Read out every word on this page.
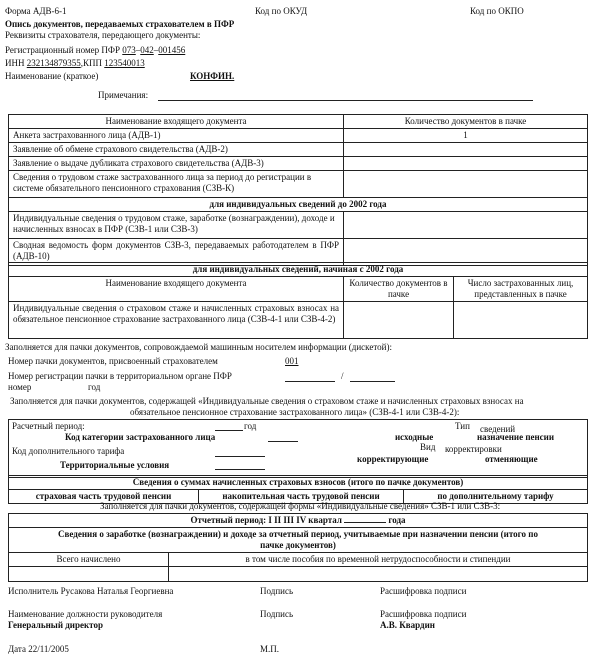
Форма АДВ-6-1	Код по ОКУД	Код по ОКПО
Опись документов, передаваемых страхователем в ПФР
Реквизиты страхователя, передающего документы:
Регистрационный номер ПФР 073–042–001456
ИНН 232134879355,КПП 123540013
Наименование (краткое)	КОНФИН.
Примечания:
Наименование входящего документа	Количество документов в пачке
Анкета застрахованного лица (АДВ-1)	1
Заявление об обмене страхового свидетельства (АДВ-2)	
Заявление о выдаче дубликата страхового свидетельства (АДВ-3)	
Сведения о трудовом стаже застрахованного лица за период до регистрации в системе обязательного пенсионного страхования (СЗВ-К)	
для индивидуальных сведений до 2002 года	
Индивидуальные сведения о трудовом стаже, заработке (вознаграждении), доходе и начисленных взносах в ПФР (СЗВ-1 или СЗВ-3)	
Сводная ведомость форм документов СЗВ-3, передаваемых работодателем в ПФР (АДВ-10)	
для индивидуальных сведений, начиная с 2002 года		
Наименование входящего документа	Количество документов в пачке	Число застрахованных лиц, представленных в пачке
Индивидуальные сведения о страховом стаже и начисленных страховых взносах на обязательное пенсионное страхование застрахованного лица (СЗВ-4-1 или СЗВ-4-2)		
Заполняется для пачки документов, сопровождаемой машинным носителем информации (дискетой):
Номер пачки документов, присвоенный страхователем	001
Номер регистрации пачки в территориальном органе ПФР
номер	год
/
Заполняется для пачки документов, содержащей «Индивидуальные сведения о страховом стаже и начисленных страховых взносах на
обязательное пенсионное страхование застрахованного лица» (СЗВ-4-1 или СЗВ-4-2):
Расчетный период:	год	Тип сведений
Код категории застрахованного лица	исходные	назначение пенсии
Вид корректировки
Код дополнительного тарифа
корректирующие	отменяющие
Территориальные условия
Сведения о суммах начисленных страховых взносов (итого по пачке документов)
страховая часть трудовой пенсии	накопительная часть трудовой пенсии	по дополнительному тарифу
Заполняется для пачки документов, содержащей формы «Индивидуальные сведения» СЗВ-1 или СЗВ-3:
Отчетный период: I II III IV квартал года	
Сведения о заработке (вознаграждении) и доходе за отчетный период, учитываемые при назначении пенсии (итого по пачке документов)	
Всего начислено	в том числе пособия по временной нетрудоспособности и стипендии

Исполнитель Русакова Наталья Георгиевна	Подпись	Расшифровка подписи
Наименование должности руководителя	Подпись	Расшифровка подписи
Генеральный директор	А.В. Квардин
Дата 22/11/2005	М.П.
